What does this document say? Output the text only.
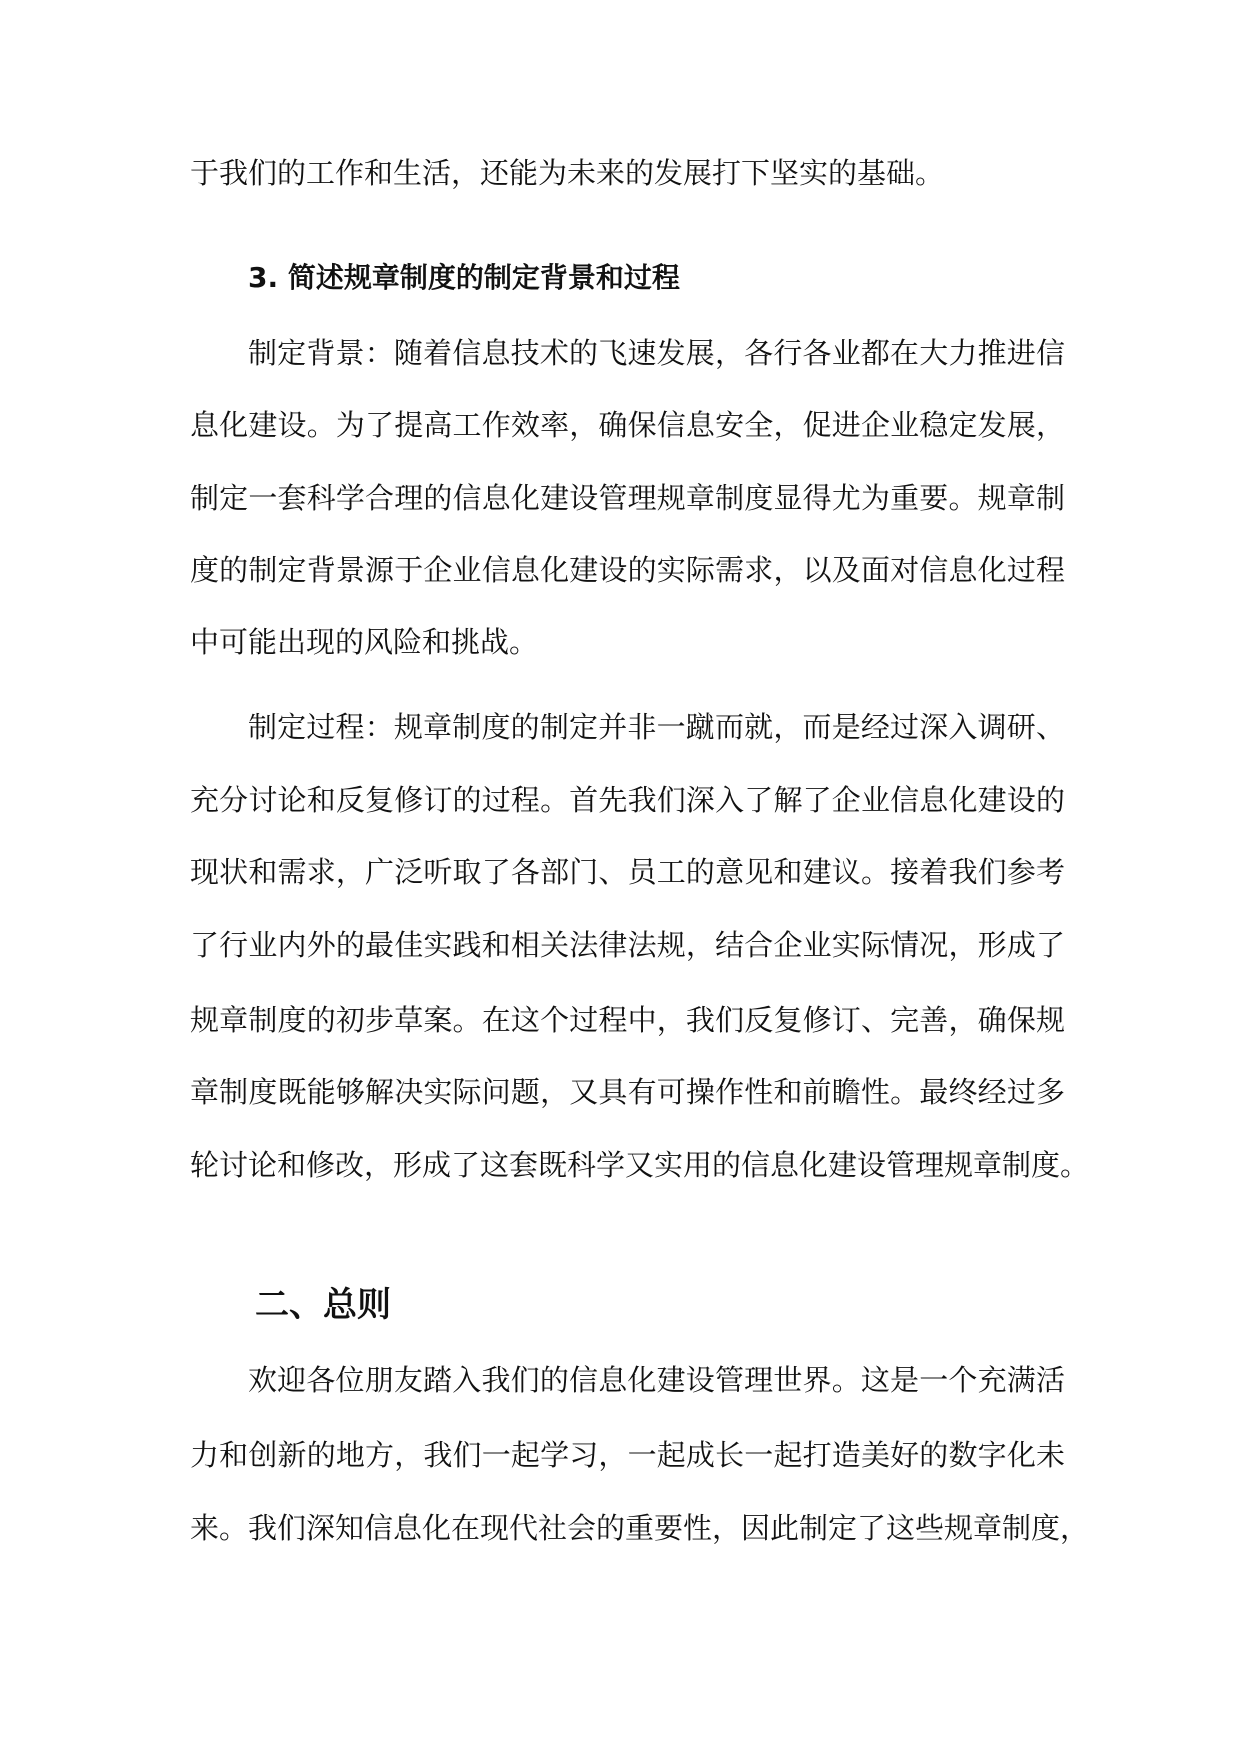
于我们的工作和生活，还能为未来的发展打下坚实的基础。
3. 简述规章制度的制定背景和过程
制定背景：随着信息技术的飞速发展，各行各业都在大力推进信
息化建设。为了提高工作效率，确保信息安全，促进企业稳定发展，
制定一套科学合理的信息化建设管理规章制度显得尤为重要。规章制
度的制定背景源于企业信息化建设的实际需求，以及面对信息化过程
中可能出现的风险和挑战。
制定过程：规章制度的制定并非一蹴而就，而是经过深入调研、
充分讨论和反复修订的过程。首先我们深入了解了企业信息化建设的
现状和需求，广泛听取了各部门、员工的意见和建议。接着我们参考
了行业内外的最佳实践和相关法律法规，结合企业实际情况，形成了
规章制度的初步草案。在这个过程中，我们反复修订、完善，确保规
章制度既能够解决实际问题，又具有可操作性和前瞻性。最终经过多
轮讨论和修改，形成了这套既科学又实用的信息化建设管理规章制度。
二、总则
欢迎各位朋友踏入我们的信息化建设管理世界。这是一个充满活
力和创新的地方，我们一起学习，一起成长一起打造美好的数字化未
来。我们深知信息化在现代社会的重要性，因此制定了这些规章制度，
